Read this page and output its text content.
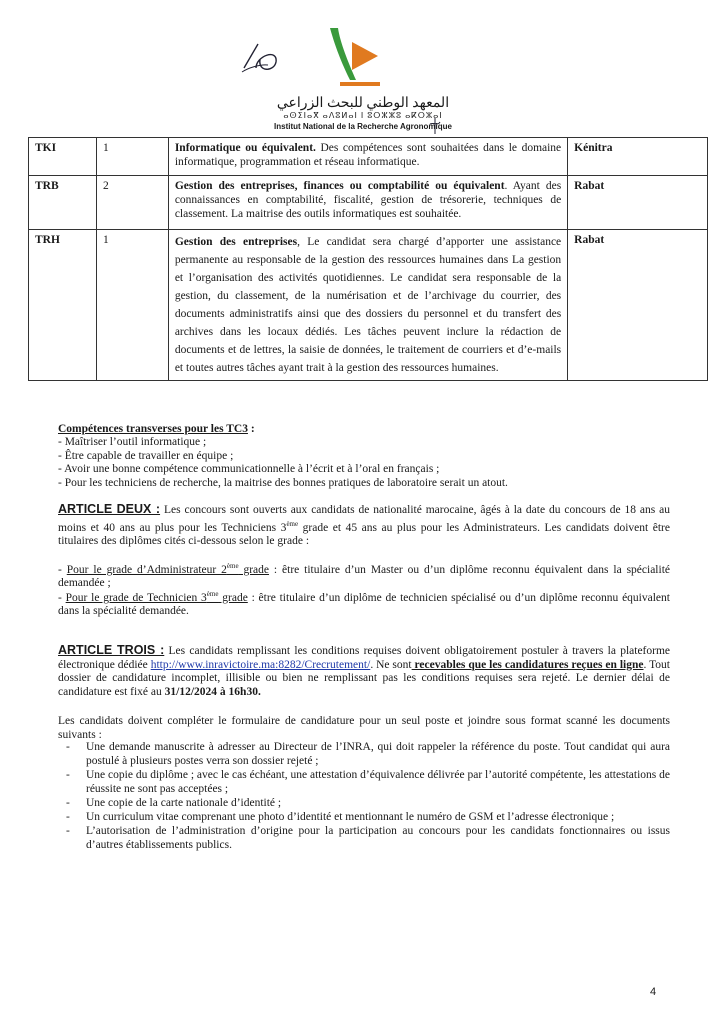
المعهد الوطني للبحث الزراعي
ⴰⵙⵉⵏⴰⴳ ⴰⴷⵓⵍⴰⵏ ⵏ ⵓⵔⵣⵣⵓ ⴰⴽⵔⵣⴰⵏ
Institut National de la Recherche Agronomique
TKI	1	Informatique ou équivalent. Des compétences sont souhaitées dans le domaine informatique, programmation et réseau informatique.	Kénitra
TRB	2	Gestion des entreprises, finances ou comptabilité ou équivalent. Ayant des connaissances en comptabilité, fiscalité, gestion de trésorerie, techniques de classement. La maitrise des outils informatiques est souhaitée.	Rabat
TRH	1	Gestion des entreprises, Le candidat sera chargé d’apporter une assistance permanente au responsable de la gestion des ressources humaines dans La gestion et l’organisation des activités quotidiennes. Le candidat sera responsable de la gestion, du classement, de la numérisation et de l’archivage du courrier, des documents administratifs ainsi que des dossiers du personnel et du transfert des archives dans les locaux dédiés. Les tâches peuvent inclure la rédaction de documents et de lettres, la saisie de données, le traitement de courriers et d’e-mails et toutes autres tâches ayant trait à la gestion des ressources humaines.	Rabat
Compétences transverses pour les TC3 :
- Maîtriser l’outil informatique ;
- Être capable de travailler en équipe ;
- Avoir une bonne compétence communicationnelle à l’écrit et à l’oral en français ;
- Pour les techniciens de recherche, la maitrise des bonnes pratiques de laboratoire serait un atout.
ARTICLE DEUX : Les concours sont ouverts aux candidats de nationalité marocaine, âgés à la date du concours de 18 ans au moins et 40 ans au plus pour les Techniciens 3ème grade et 45 ans au plus pour les Administrateurs. Les candidats doivent être titulaires des diplômes cités ci-dessous selon le grade :
- Pour le grade d’Administrateur 2ème grade : être titulaire d’un Master ou d’un diplôme reconnu équivalent dans la spécialité demandée ;
- Pour le grade de Technicien 3ème grade : être titulaire d’un diplôme de technicien spécialisé ou d’un diplôme reconnu équivalent dans la spécialité demandée.
ARTICLE TROIS : Les candidats remplissant les conditions requises doivent obligatoirement postuler à travers la plateforme électronique dédiée http://www.inravictoire.ma:8282/Crecrutement/. Ne sont recevables que les candidatures reçues en ligne. Tout dossier de candidature incomplet, illisible ou bien ne remplissant pas les conditions requises sera rejeté. Le dernier délai de candidature est fixé au 31/12/2024 à 16h30.
Les candidats doivent compléter le formulaire de candidature pour un seul poste et joindre sous format scanné les documents suivants :
- Une demande manuscrite à adresser au Directeur de l’INRA, qui doit rappeler la référence du poste. Tout candidat qui aura postulé à plusieurs postes verra son dossier rejeté ;
- Une copie du diplôme ; avec le cas échéant, une attestation d’équivalence délivrée par l’autorité compétente, les attestations de réussite ne sont pas acceptées ;
- Une copie de la carte nationale d’identité ;
- Un curriculum vitae comprenant une photo d’identité et mentionnant le numéro de GSM et l’adresse électronique ;
- L’autorisation de l’administration d’origine pour la participation au concours pour les candidats fonctionnaires ou issus d’autres établissements publics.
4
